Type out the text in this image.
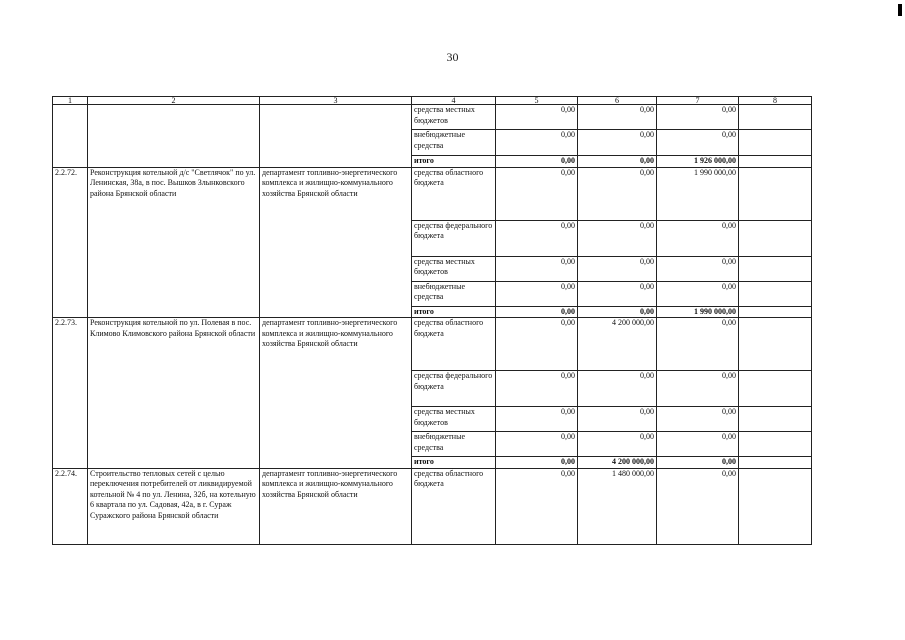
30
1	2	3	4	5	6	7	8
			средства местных бюджетов	0,00	0,00	0,00	
			внебюджетные средства	0,00	0,00	0,00	
			итого	0,00	0,00	1 926 000,00	
2.2.72.	Реконструкция котельной д/с "Светлячок" по ул. Ленинская, 38а, в пос. Вышков Злынковского района Брянской области	департамент топливно-энергетического комплекса и жилищно-коммунального хозяйства Брянской области	средства областного бюджета	0,00	0,00	1 990 000,00	
			средства федерального бюджета	0,00	0,00	0,00	
			средства местных бюджетов	0,00	0,00	0,00	
			внебюджетные средства	0,00	0,00	0,00	
			итого	0,00	0,00	1 990 000,00	
2.2.73.	Реконструкция котельной по ул. Полевая в пос. Климово Климовского района Брянской области	департамент топливно-энергетического комплекса и жилищно-коммунального хозяйства Брянской области	средства областного бюджета	0,00	4 200 000,00	0,00	
			средства федерального бюджета	0,00	0,00	0,00	
			средства местных бюджетов	0,00	0,00	0,00	
			внебюджетные средства	0,00	0,00	0,00	
			итого	0,00	4 200 000,00	0,00	
2.2.74.	Строительство тепловых сетей с целью переключения потребителей от ликвидируемой котельной № 4 по ул. Ленина, 32б, на котельную 6 квартала по ул. Садовая, 42а, в г. Сураж Суражского района Брянской области	департамент топливно-энергетического комплекса и жилищно-коммунального хозяйства Брянской области	средства областного бюджета	0,00	1 480 000,00	0,00	
